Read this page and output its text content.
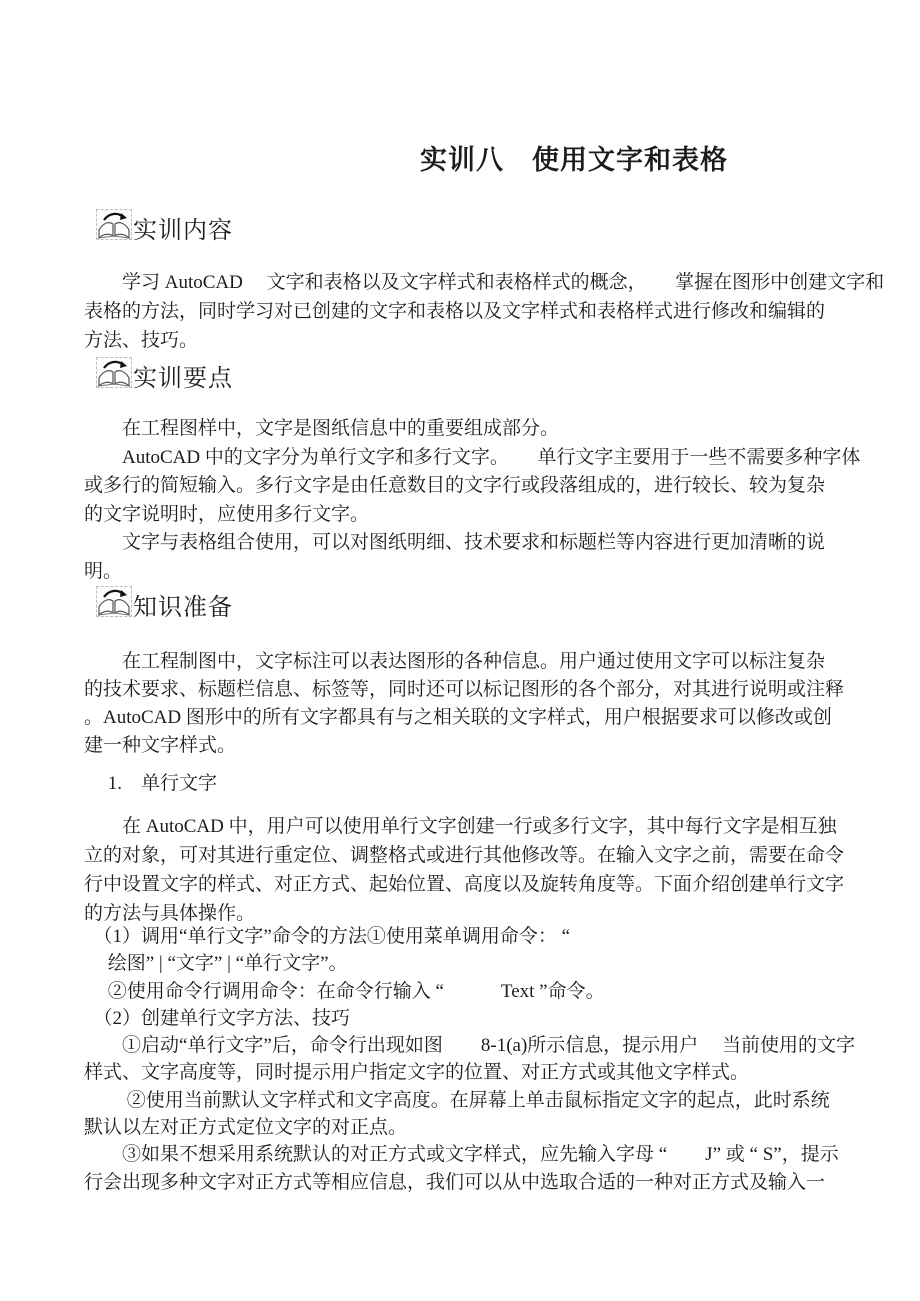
实训八　使用文字和表格
实训内容
　　学习 AutoCAD　 文字和表格以及文字样式和表格样式的概念，　　掌握在图形中创建文字和
表格的方法，同时学习对已创建的文字和表格以及文字样式和表格样式进行修改和编辑的
方法、技巧。
实训要点
　　在工程图样中，文字是图纸信息中的重要组成部分。
　　AutoCAD 中的文字分为单行文字和多行文字。　　单行文字主要用于一些不需要多种字体
或多行的简短输入。多行文字是由任意数目的文字行或段落组成的，进行较长、较为复杂
的文字说明时，应使用多行文字。
　　文字与表格组合使用，可以对图纸明细、技术要求和标题栏等内容进行更加清晰的说
明。
知识准备
　　在工程制图中，文字标注可以表达图形的各种信息。用户通过使用文字可以标注复杂
的技术要求、标题栏信息、标签等，同时还可以标记图形的各个部分，对其进行说明或注释
。AutoCAD 图形中的所有文字都具有与之相关联的文字样式，用户根据要求可以修改或创
建一种文字样式。
　 1.　单行文字
　　在 AutoCAD 中，用户可以使用单行文字创建一行或多行文字，其中每行文字是相互独
立的对象，可对其进行重定位、调整格式或进行其他修改等。在输入文字之前，需要在命令
行中设置文字的样式、对正方式、起始位置、高度以及旋转角度等。下面介绍创建单行文字
的方法与具体操作。
　（1）调用“单行文字”命令的方法①使用菜单调用命令： “
　 绘图” | “文字” | “单行文字”。
　 ②使用命令行调用命令：在命令行输入 “　　　Text ”命令。
　（2）创建单行文字方法、技巧
　　①启动“单行文字”后，命令行出现如图　　8-1(a)所示信息，提示用户　 当前使用的文字
样式、文字高度等，同时提示用户指定文字的位置、对正方式或其他文字样式。
　　 ②使用当前默认文字样式和文字高度。在屏幕上单击鼠标指定文字的起点，此时系统
默认以左对正方式定位文字的对正点。
　　③如果不想采用系统默认的对正方式或文字样式，应先输入字母 “　　J” 或 “ S”，提示
行会出现多种文字对正方式等相应信息，我们可以从中选取合适的一种对正方式及输入一
